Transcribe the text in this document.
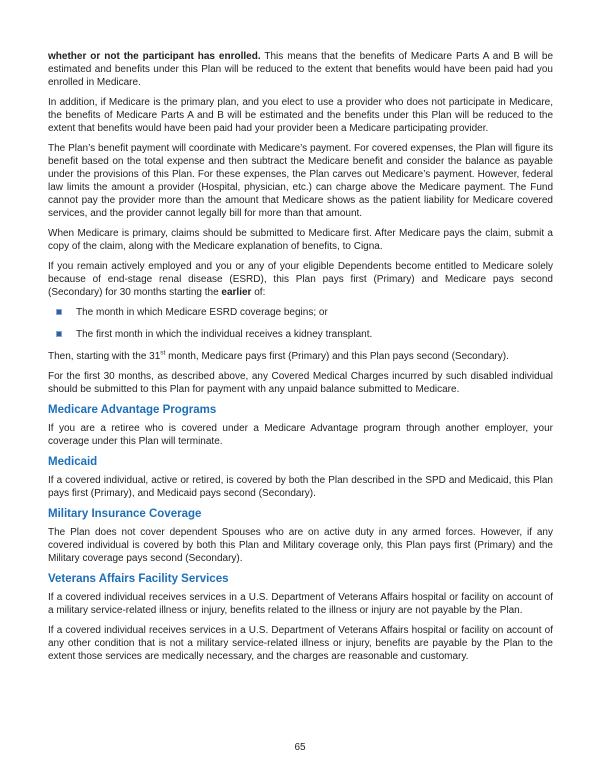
whether or not the participant has enrolled. This means that the benefits of Medicare Parts A and B will be estimated and benefits under this Plan will be reduced to the extent that benefits would have been paid had you enrolled in Medicare.

In addition, if Medicare is the primary plan, and you elect to use a provider who does not participate in Medicare, the benefits of Medicare Parts A and B will be estimated and the benefits under this Plan will be reduced to the extent that benefits would have been paid had your provider been a Medicare participating provider.

The Plan’s benefit payment will coordinate with Medicare’s payment. For covered expenses, the Plan will figure its benefit based on the total expense and then subtract the Medicare benefit and consider the balance as payable under the provisions of this Plan. For these expenses, the Plan carves out Medicare’s payment. However, federal law limits the amount a provider (Hospital, physician, etc.) can charge above the Medicare payment. The Fund cannot pay the provider more than the amount that Medicare shows as the patient liability for Medicare covered services, and the provider cannot legally bill for more than that amount.

When Medicare is primary, claims should be submitted to Medicare first. After Medicare pays the claim, submit a copy of the claim, along with the Medicare explanation of benefits, to Cigna.

If you remain actively employed and you or any of your eligible Dependents become entitled to Medicare solely because of end-stage renal disease (ESRD), this Plan pays first (Primary) and Medicare pays second (Secondary) for 30 months starting the earlier of:

The month in which Medicare ESRD coverage begins; or
The first month in which the individual receives a kidney transplant.

Then, starting with the 31st month, Medicare pays first (Primary) and this Plan pays second (Secondary).

For the first 30 months, as described above, any Covered Medical Charges incurred by such disabled individual should be submitted to this Plan for payment with any unpaid balance submitted to Medicare.

Medicare Advantage Programs

If you are a retiree who is covered under a Medicare Advantage program through another employer, your coverage under this Plan will terminate.

Medicaid

If a covered individual, active or retired, is covered by both the Plan described in the SPD and Medicaid, this Plan pays first (Primary), and Medicaid pays second (Secondary).

Military Insurance Coverage

The Plan does not cover dependent Spouses who are on active duty in any armed forces. However, if any covered individual is covered by both this Plan and Military coverage only, this Plan pays first (Primary) and the Military coverage pays second (Secondary).

Veterans Affairs Facility Services

If a covered individual receives services in a U.S. Department of Veterans Affairs hospital or facility on account of a military service-related illness or injury, benefits related to the illness or injury are not payable by the Plan.

If a covered individual receives services in a U.S. Department of Veterans Affairs hospital or facility on account of any other condition that is not a military service-related illness or injury, benefits are payable by the Plan to the extent those services are medically necessary, and the charges are reasonable and customary.

65
